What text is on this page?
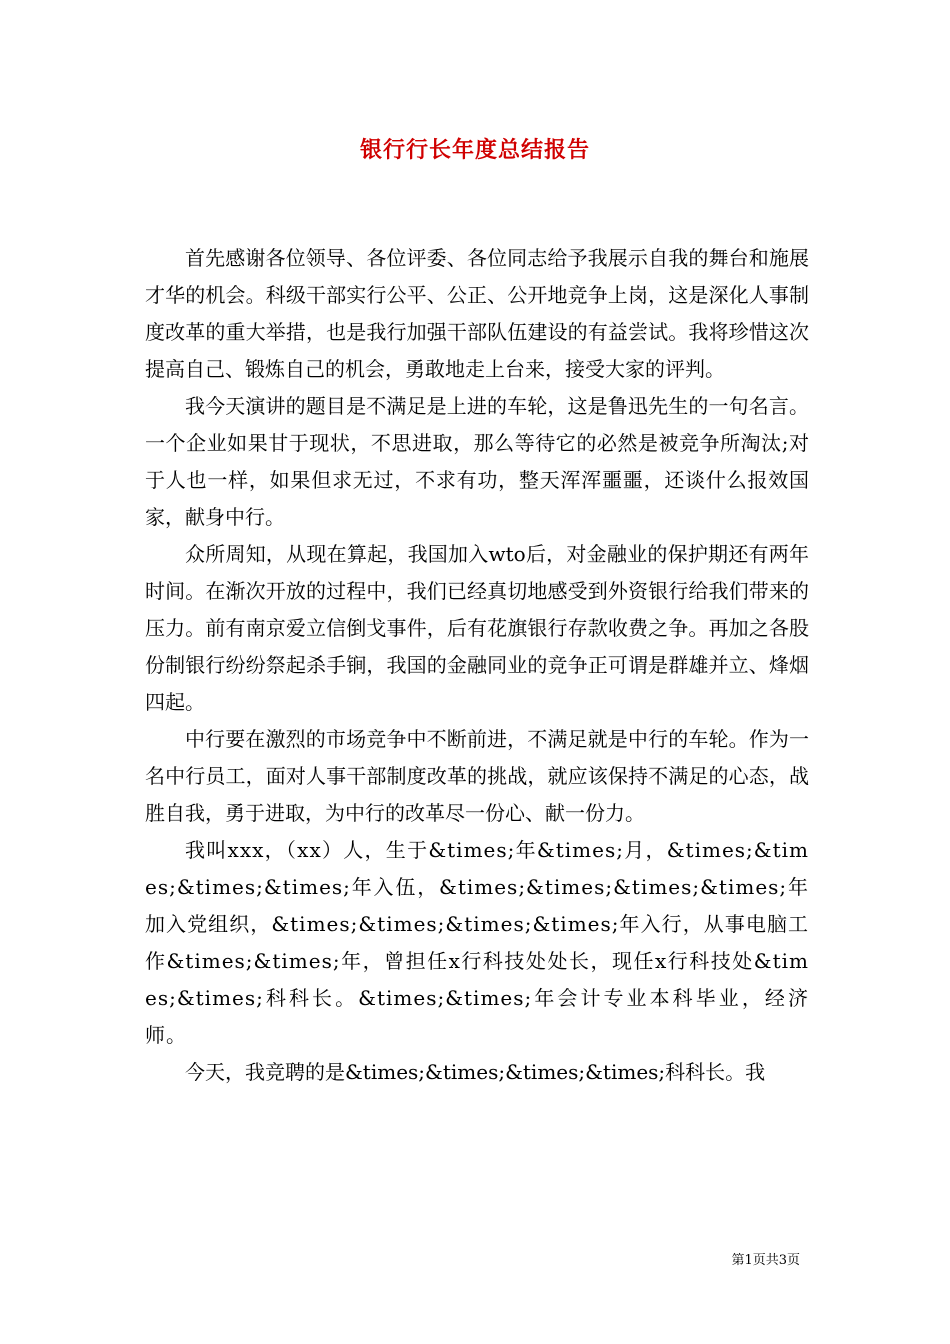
银行行长年度总结报告

首先感谢各位领导、各位评委、各位同志给予我展示自我的舞台和施展才华的机会。科级干部实行公平、公正、公开地竞争上岗，这是深化人事制度改革的重大举措，也是我行加强干部队伍建设的有益尝试。我将珍惜这次提高自己、锻炼自己的机会，勇敢地走上台来，接受大家的评判。

我今天演讲的题目是不满足是上进的车轮，这是鲁迅先生的一句名言。一个企业如果甘于现状，不思进取，那么等待它的必然是被竞争所淘汰;对于人也一样，如果但求无过，不求有功，整天浑浑噩噩，还谈什么报效国家，献身中行。

众所周知，从现在算起，我国加入wto后，对金融业的保护期还有两年时间。在渐次开放的过程中，我们已经真切地感受到外资银行给我们带来的压力。前有南京爱立信倒戈事件，后有花旗银行存款收费之争。再加之各股份制银行纷纷祭起杀手锏，我国的金融同业的竞争正可谓是群雄并立、烽烟四起。

中行要在激烈的市场竞争中不断前进，不满足就是中行的车轮。作为一名中行员工，面对人事干部制度改革的挑战，就应该保持不满足的心态，战胜自我，勇于进取，为中行的改革尽一份心、献一份力。

我叫xxx，（xx）人，生于&times;年&times;月，&times;&times;&times;&times;年入伍，&times;&times;&times;&times;年加入党组织，&times;&times;&times;&times;年入行，从事电脑工作&times;&times;年，曾担任x行科技处处长，现任x行科技处&times;&times;科科长。&times;&times;年会计专业本科毕业，经济师。

今天，我竞聘的是&times;&times;&times;&times;科科长。我

第1页共3页
